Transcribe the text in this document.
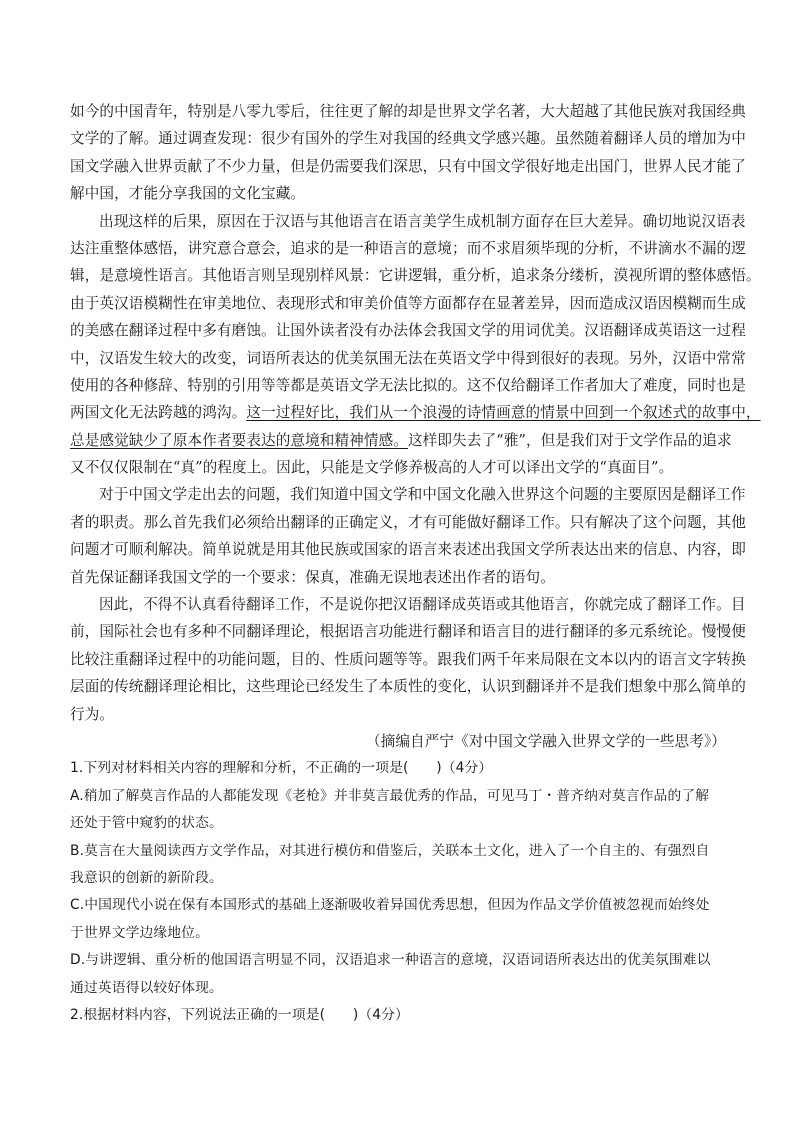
如今的中国青年，特别是八零九零后，往往更了解的却是世界文学名著，大大超越了其他民族对我国经典
文学的了解。通过调查发现：很少有国外的学生对我国的经典文学感兴趣。虽然随着翻译人员的增加为中
国文学融入世界贡献了不少力量，但是仍需要我们深思，只有中国文学很好地走出国门，世界人民才能了
解中国，才能分享我国的文化宝藏。
出现这样的后果，原因在于汉语与其他语言在语言美学生成机制方面存在巨大差异。确切地说汉语表
达注重整体感悟，讲究意合意会，追求的是一种语言的意境；而不求眉须毕现的分析，不讲滴水不漏的逻
辑，是意境性语言。其他语言则呈现别样风景：它讲逻辑，重分析，追求条分缕析，漠视所谓的整体感悟。
由于英汉语模糊性在审美地位、表现形式和审美价值等方面都存在显著差异，因而造成汉语因模糊而生成
的美感在翻译过程中多有磨蚀。让国外读者没有办法体会我国文学的用词优美。汉语翻译成英语这一过程
中，汉语发生较大的改变，词语所表达的优美氛围无法在英语文学中得到很好的表现。另外，汉语中常常
使用的各种修辞、特别的引用等等都是英语文学无法比拟的。这不仅给翻译工作者加大了难度，同时也是
两国文化无法跨越的鸿沟。这一过程好比，我们从一个浪漫的诗情画意的情景中回到一个叙述式的故事中，
总是感觉缺少了原本作者要表达的意境和精神情感。这样即失去了“雅”，但是我们对于文学作品的追求
又不仅仅限制在“真”的程度上。因此，只能是文学修养极高的人才可以译出文学的“真面目”。
对于中国文学走出去的问题，我们知道中国文学和中国文化融入世界这个问题的主要原因是翻译工作
者的职责。那么首先我们必须给出翻译的正确定义，才有可能做好翻译工作。只有解决了这个问题，其他
问题才可顺利解决。简单说就是用其他民族或国家的语言来表述出我国文学所表达出来的信息、内容，即
首先保证翻译我国文学的一个要求：保真，准确无误地表述出作者的语句。
因此，不得不认真看待翻译工作，不是说你把汉语翻译成英语或其他语言，你就完成了翻译工作。目
前，国际社会也有多种不同翻译理论，根据语言功能进行翻译和语言目的进行翻译的多元系统论。慢慢便
比较注重翻译过程中的功能问题，目的、性质问题等等。跟我们两千年来局限在文本以内的语言文字转换
层面的传统翻译理论相比，这些理论已经发生了本质性的变化，认识到翻译并不是我们想象中那么简单的
行为。
（摘编自严宁《对中国文学融入世界文学的一些思考》）
1.下列对材料相关内容的理解和分析，不正确的一项是(　　)（4分）
A.稍加了解莫言作品的人都能发现《老枪》并非莫言最优秀的作品，可见马丁・普齐纳对莫言作品的了解
还处于管中窥豹的状态。
B.莫言在大量阅读西方文学作品，对其进行模仿和借鉴后，关联本土文化，进入了一个自主的、有强烈自
我意识的创新的新阶段。
C.中国现代小说在保有本国形式的基础上逐渐吸收着异国优秀思想，但因为作品文学价值被忽视而始终处
于世界文学边缘地位。
D.与讲逻辑、重分析的他国语言明显不同，汉语追求一种语言的意境，汉语词语所表达出的优美氛围难以
通过英语得以较好体现。
2.根据材料内容，下列说法正确的一项是(　　)（4分）
